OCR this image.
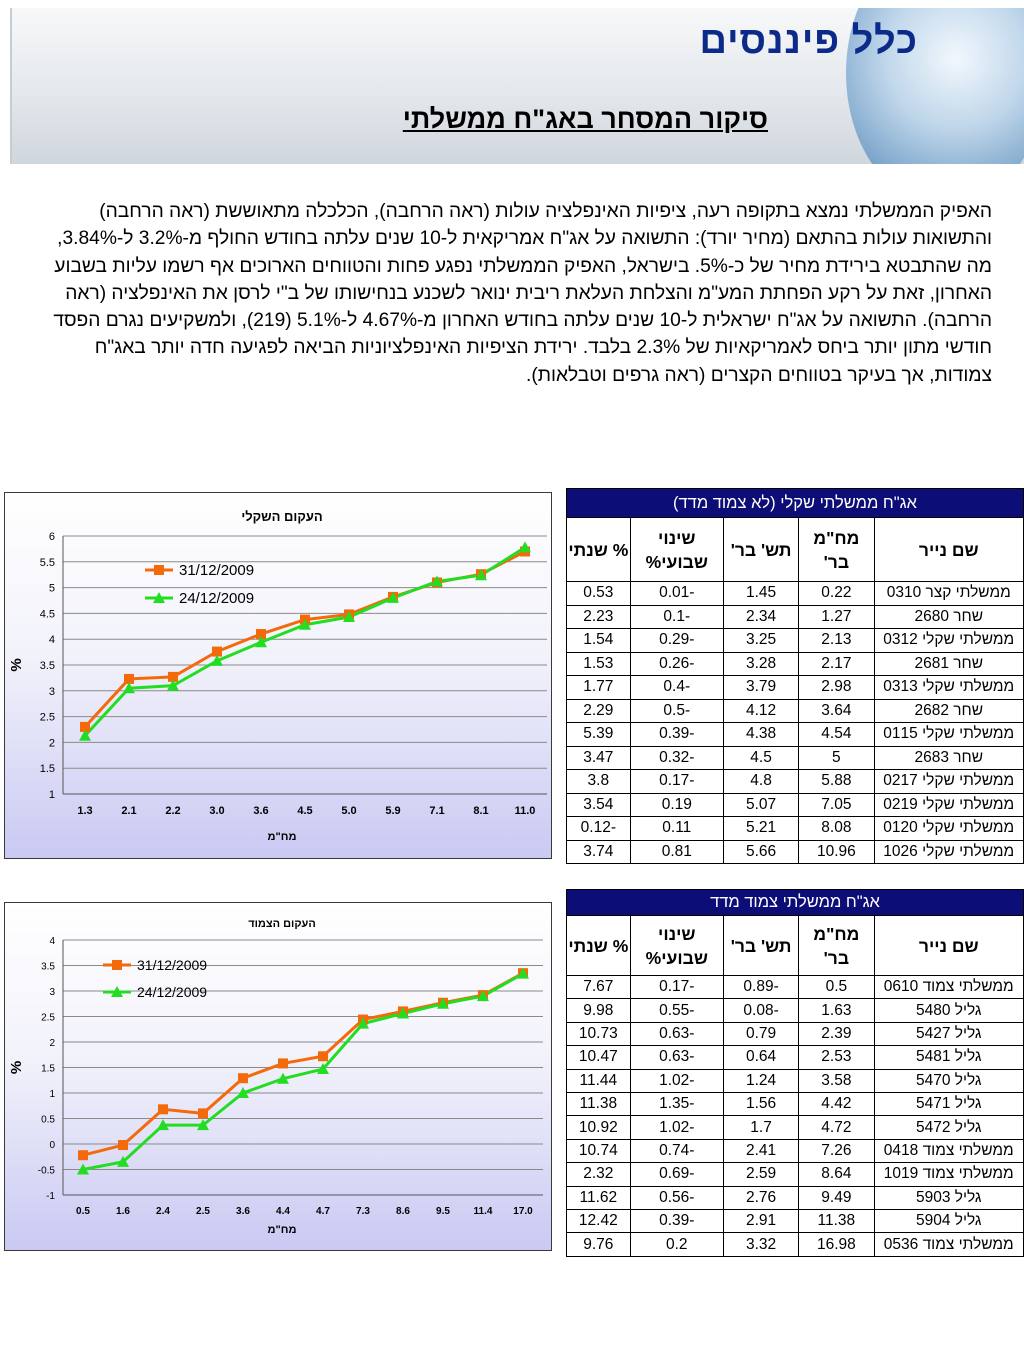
כלל פיננסים
סיקור המסחר באג"ח ממשלתי

האפיק הממשלתי נמצא בתקופה רעה, ציפיות האינפלציה עולות (ראה הרחבה), הכלכלה מתאוששת (ראה הרחבה) והתשואות עולות בהתאם (מחיר יורד): התשואה על אג"ח אמריקאית ל-10 שנים עלתה בחודש החולף מ-3.2% ל-3.84%, מה שהתבטא בירידת מחיר של כ-5%. בישראל, האפיק הממשלתי נפגע פחות והטווחים הארוכים אף רשמו עליות בשבוע האחרון, זאת על רקע הפחתת המע"מ והצלחת העלאת ריבית ינואר לשכנע בנחישותו של ב"י לרסן את האינפלציה (ראה הרחבה). התשואה על אג"ח ישראלית ל-10 שנים עלתה בחודש האחרון מ-4.67% ל-5.1% (219), ולמשקיעים נגרם הפסד חודשי מתון יותר ביחס לאמריקאיות של 2.3% בלבד. ירידת הציפיות האינפלציוניות הביאה לפגיעה חדה יותר באג"ח צמודות, אך בעיקר בטווחים הקצרים (ראה גרפים וטבלאות).

1
1.5
2
2.5
3
3.5
4
4.5
5
5.5
6
1.3	2.1	2.2	3.0	3.6	4.5	5.0	5.9	7.1	8.1 11.0
העקום השקלי
מח"מ
%
31/12/2009
24/12/2009
-1
-0.5
0
0.5
1
1.5
2
2.5
3
3.5
4
0.5	1.6	2.4	2.5	3.6	4.4	4.7	7.3	8.6	9.5 11.4 17.0
העקום הצמוד
מח"מ
%
31/12/2009
24/12/2009
אג"ח ממשלתי שקלי (לא צמוד מדד)				
שם נייר	מח"מ בר'	תש' בר'	שינוי שבועי%	% שנתי
ממשלתי קצר 0310	0.22	1.45	-0.01	0.53
שחר 2680	1.27	2.34	-0.1	2.23
ממשלתי שקלי 0312	2.13	3.25	-0.29	1.54
שחר 2681	2.17	3.28	-0.26	1.53
ממשלתי שקלי 0313	2.98	3.79	-0.4	1.77
שחר 2682	3.64	4.12	-0.5	2.29
ממשלתי שקלי 0115	4.54	4.38	-0.39	5.39
שחר 2683	5	4.5	-0.32	3.47
ממשלתי שקלי 0217	5.88	4.8	-0.17	3.8
ממשלתי שקלי 0219	7.05	5.07	0.19	3.54
ממשלתי שקלי 0120	8.08	5.21	0.11	-0.12
ממשלתי שקלי 1026	10.96	5.66	0.81	3.74
אג"ח ממשלתי צמוד מדד				
שם נייר	מח"מ בר'	תש' בר'	שינוי שבועי%	% שנתי
ממשלתי צמוד 0610	0.5	-0.89	-0.17	7.67
גליל 5480	1.63	-0.08	-0.55	9.98
גליל 5427	2.39	0.79	-0.63	10.73
גליל 5481	2.53	0.64	-0.63	10.47
גליל 5470	3.58	1.24	-1.02	11.44
גליל 5471	4.42	1.56	-1.35	11.38
גליל 5472	4.72	1.7	-1.02	10.92
ממשלתי צמוד 0418	7.26	2.41	-0.74	10.74
ממשלתי צמוד 1019	8.64	2.59	-0.69	2.32
גליל 5903	9.49	2.76	-0.56	11.62
גליל 5904	11.38	2.91	-0.39	12.42
ממשלתי צמוד 0536	16.98	3.32	0.2	9.76
